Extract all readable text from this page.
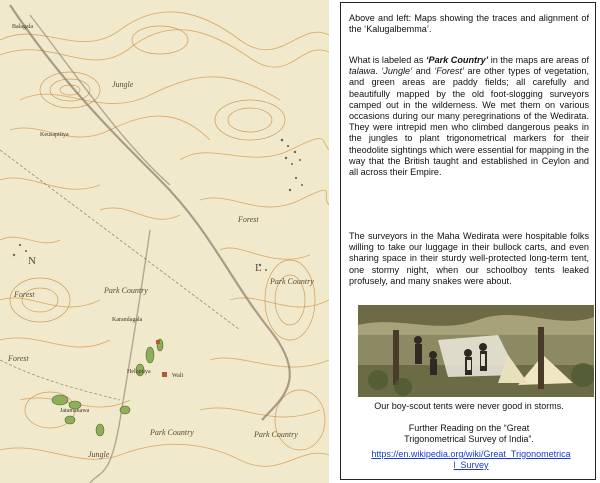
Balagala
Jungle
Keusapitiya
Forest
N
L
Park Country
Forest	Park Country
Karandagala
Heluptiya
Wali
Forest
Jatamanawa
Park Country	Park Country
Jungle

Above and left: Maps showing the traces and alignment of the ‘Kalugalbemma’.

What is labeled as ‘Park Country’ in the maps are areas of talawa. ‘Jungle’ and ‘Forest’ are other types of vegetation, and green areas are paddy fields; all carefully and beautifully mapped by the old foot-slogging surveyors camped out in the wilderness. We met them on various occasions during our many peregrinations of the Wedirata. They were intrepid men who climbed dangerous peaks in the jungles to plant trigonometrical markers for their theodolite sightings which were essential for mapping in the way that the British taught and established in Ceylon and all across their Empire.

The surveyors in the Maha Wedirata were hospitable folks willing to take our luggage in their bullock carts, and even sharing space in their sturdy well-protected long-term tent, one stormy night, when our schoolboy tents leaked profusely, and many snakes were about.

Our boy-scout tents were never good in storms.

Further Reading on the “Great
Trigonometrical Survey of India”.

https://en.wikipedia.org/wiki/Great_Trigonometrical_Survey
